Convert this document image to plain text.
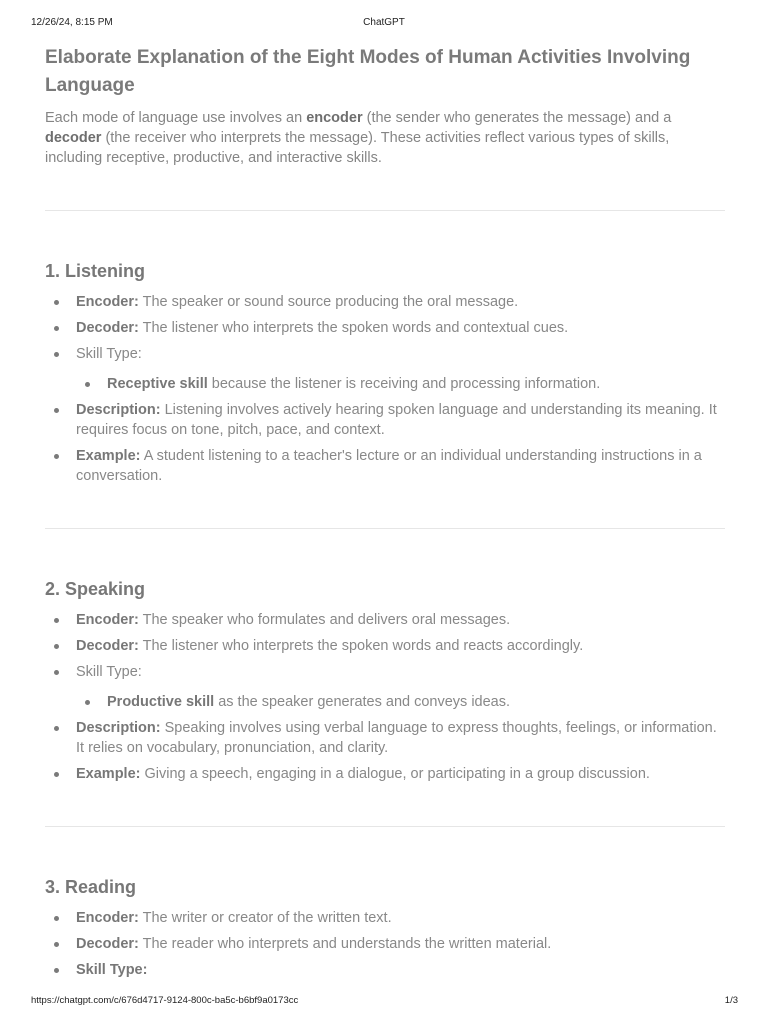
12/26/24, 8:15 PM	ChatGPT
Elaborate Explanation of the Eight Modes of Human Activities Involving Language

Each mode of language use involves an encoder (the sender who generates the message) and a decoder (the receiver who interprets the message). These activities reflect various types of skills, including receptive, productive, and interactive skills.

1. Listening
Encoder: The speaker or sound source producing the oral message.
Decoder: The listener who interprets the spoken words and contextual cues.
Skill Type:
Receptive skill because the listener is receiving and processing information.
Description: Listening involves actively hearing spoken language and understanding its meaning. It requires focus on tone, pitch, pace, and context.
Example: A student listening to a teacher's lecture or an individual understanding instructions in a conversation.
2. Speaking
Encoder: The speaker who formulates and delivers oral messages.
Decoder: The listener who interprets the spoken words and reacts accordingly.
Skill Type:
Productive skill as the speaker generates and conveys ideas.
Description: Speaking involves using verbal language to express thoughts, feelings, or information. It relies on vocabulary, pronunciation, and clarity.
Example: Giving a speech, engaging in a dialogue, or participating in a group discussion.
3. Reading
Encoder: The writer or creator of the written text.
Decoder: The reader who interprets and understands the written material.
Skill Type:
https://chatgpt.com/c/676d4717-9124-800c-ba5c-b6bf9a0173cc	1/3
